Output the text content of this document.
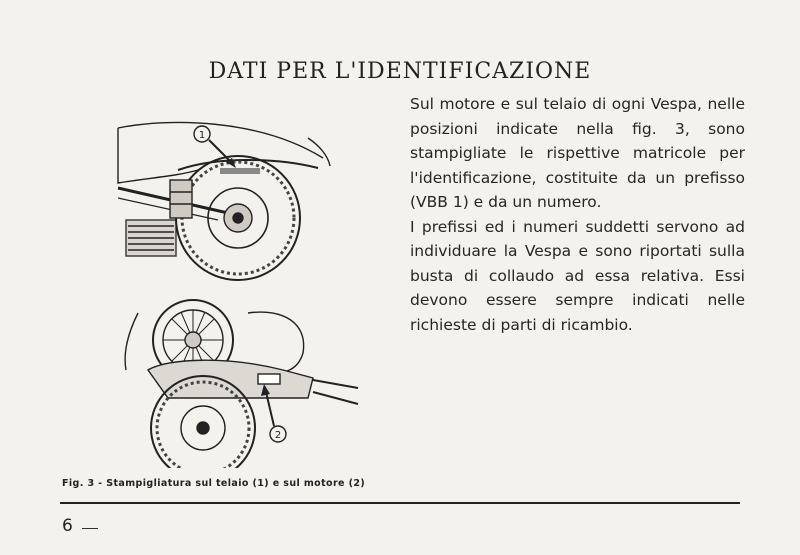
DATI PER L'IDENTIFICAZIONE

Sul motore e sul telaio di ogni Vespa, nelle posizioni indicate nella fig. 3, sono stampigliate le rispettive matricole per l'identificazione, costituite da un prefisso (VBB 1) e da un numero.

I prefissi ed i numeri suddetti servono ad individuare la Vespa e sono riportati sulla busta di collaudo ad essa relativa. Essi devono essere sempre indicati nelle richieste di parti di ricambio.

1
2
Fig. 3 - Stampigliatura sul telaio (1) e sul motore (2)
6
